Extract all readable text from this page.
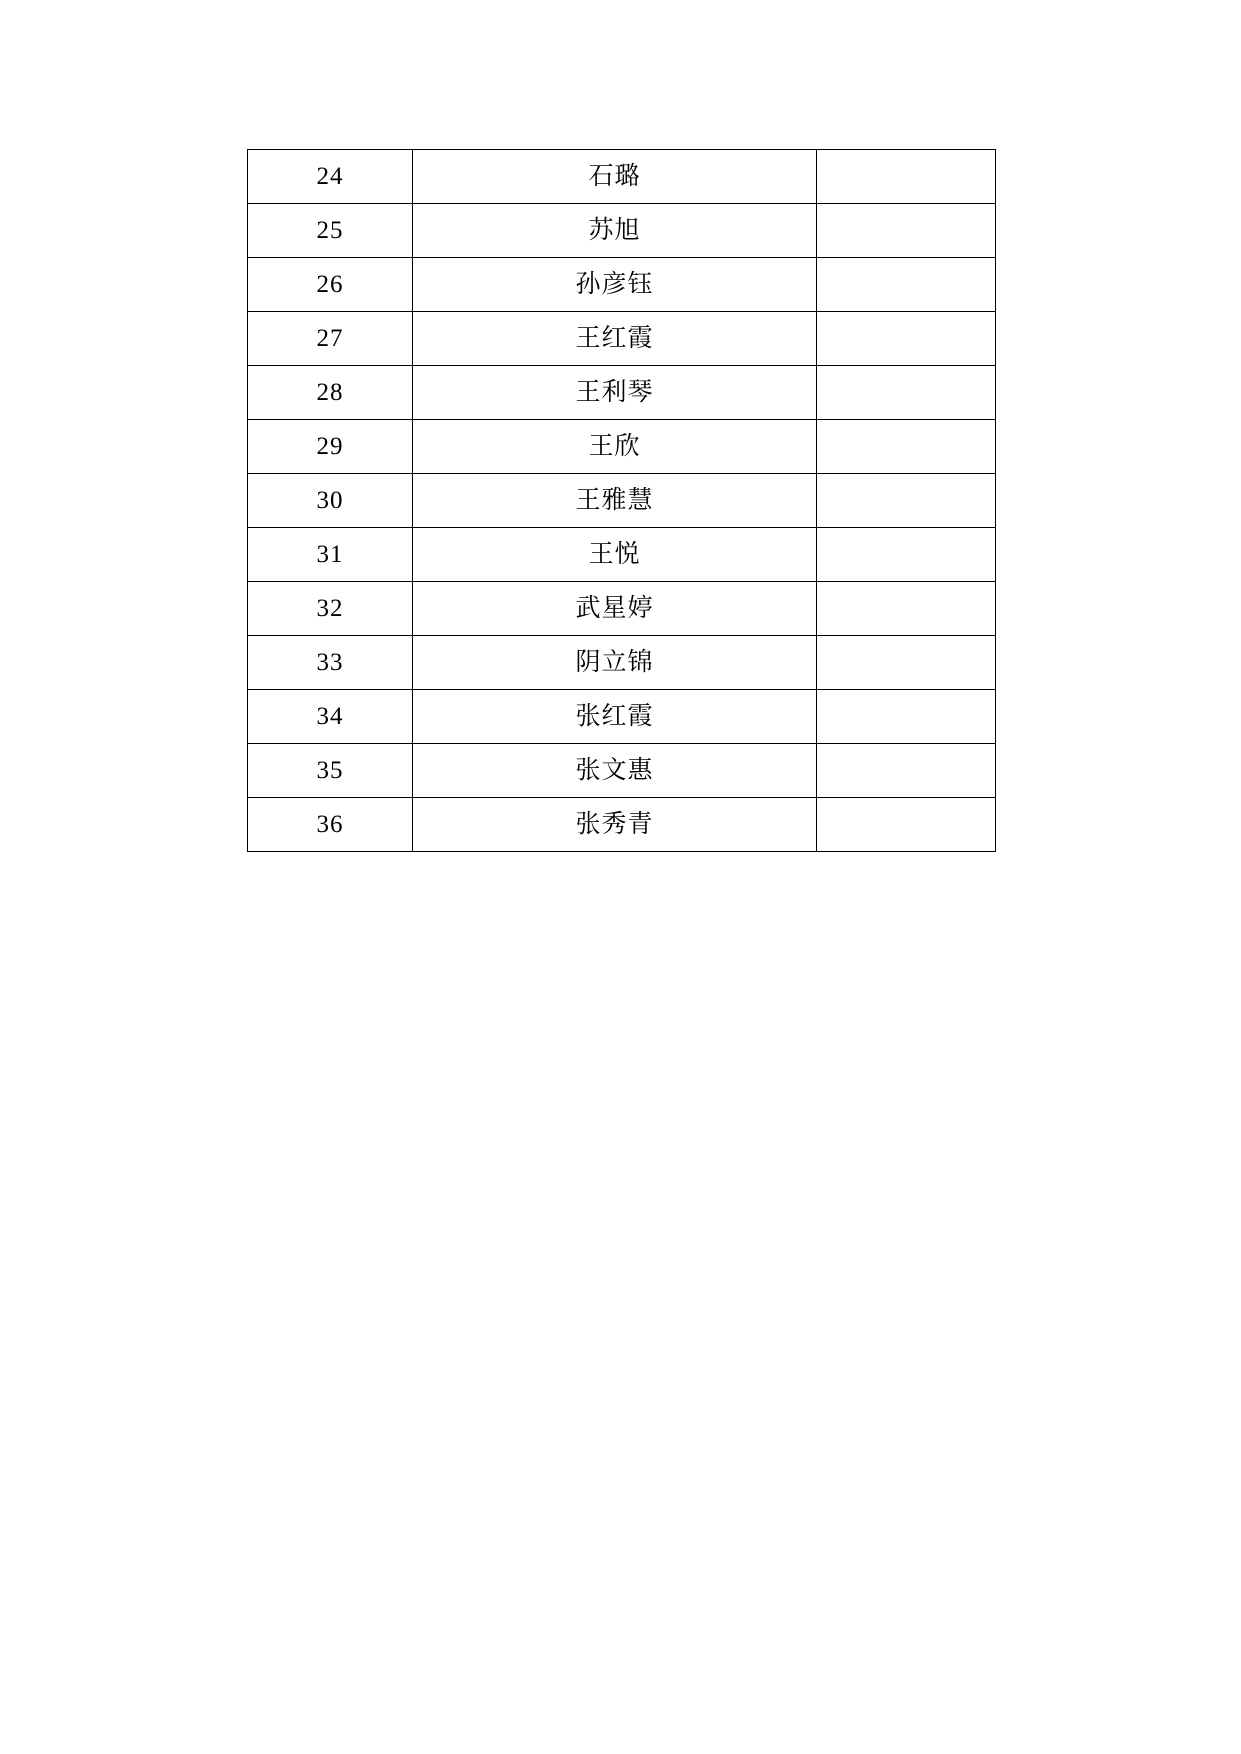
24	石璐	
25	苏旭	
26	孙彦钰	
27	王红霞	
28	王利琴	
29	王欣	
30	王雅慧	
31	王悦	
32	武星婷	
33	阴立锦	
34	张红霞	
35	张文惠	
36	张秀青	
